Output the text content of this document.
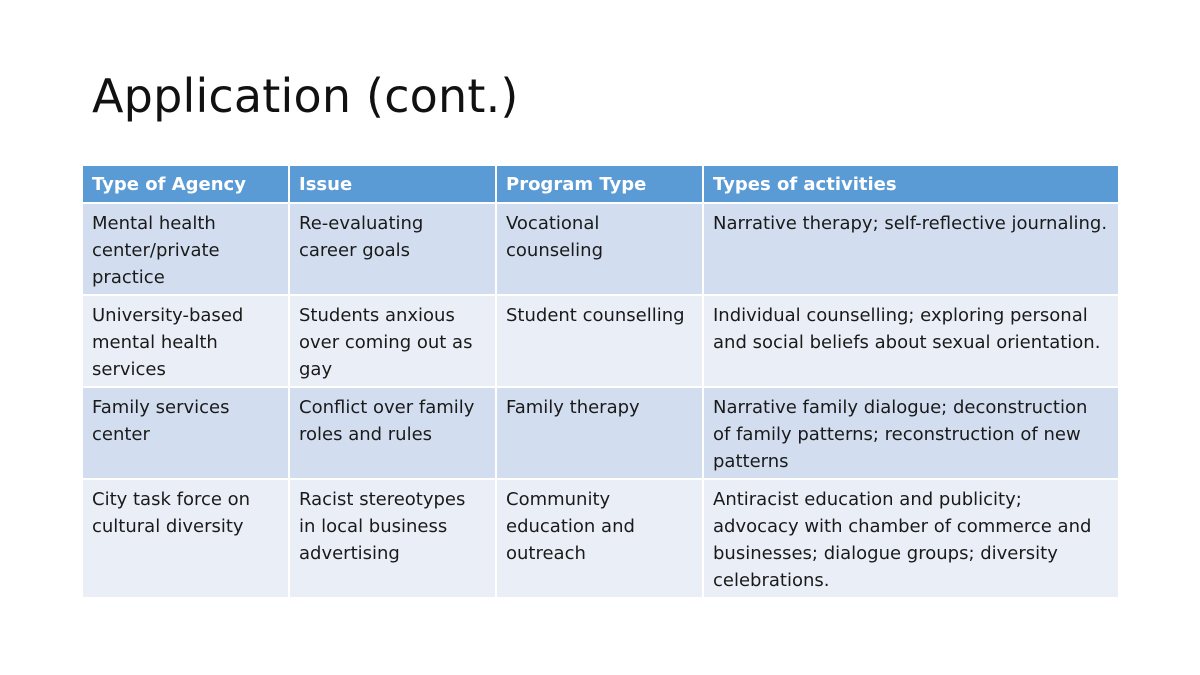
Application (cont.)
Type of Agency	Issue	Program Type	Types of activities
Mental health center/private practice	Re-evaluating career goals	Vocational counseling	Narrative therapy; self-reflective journaling.
University-based mental health services	Students anxious over coming out as gay	Student counselling	Individual counselling; exploring personal and social beliefs about sexual orientation.
Family services center	Conflict over family roles and rules	Family therapy	Narrative family dialogue; deconstruction of family patterns; reconstruction of new patterns
City task force on cultural diversity	Racist stereotypes in local business advertising	Community education and outreach	Antiracist education and publicity; advocacy with chamber of commerce and businesses; dialogue groups; diversity celebrations.
